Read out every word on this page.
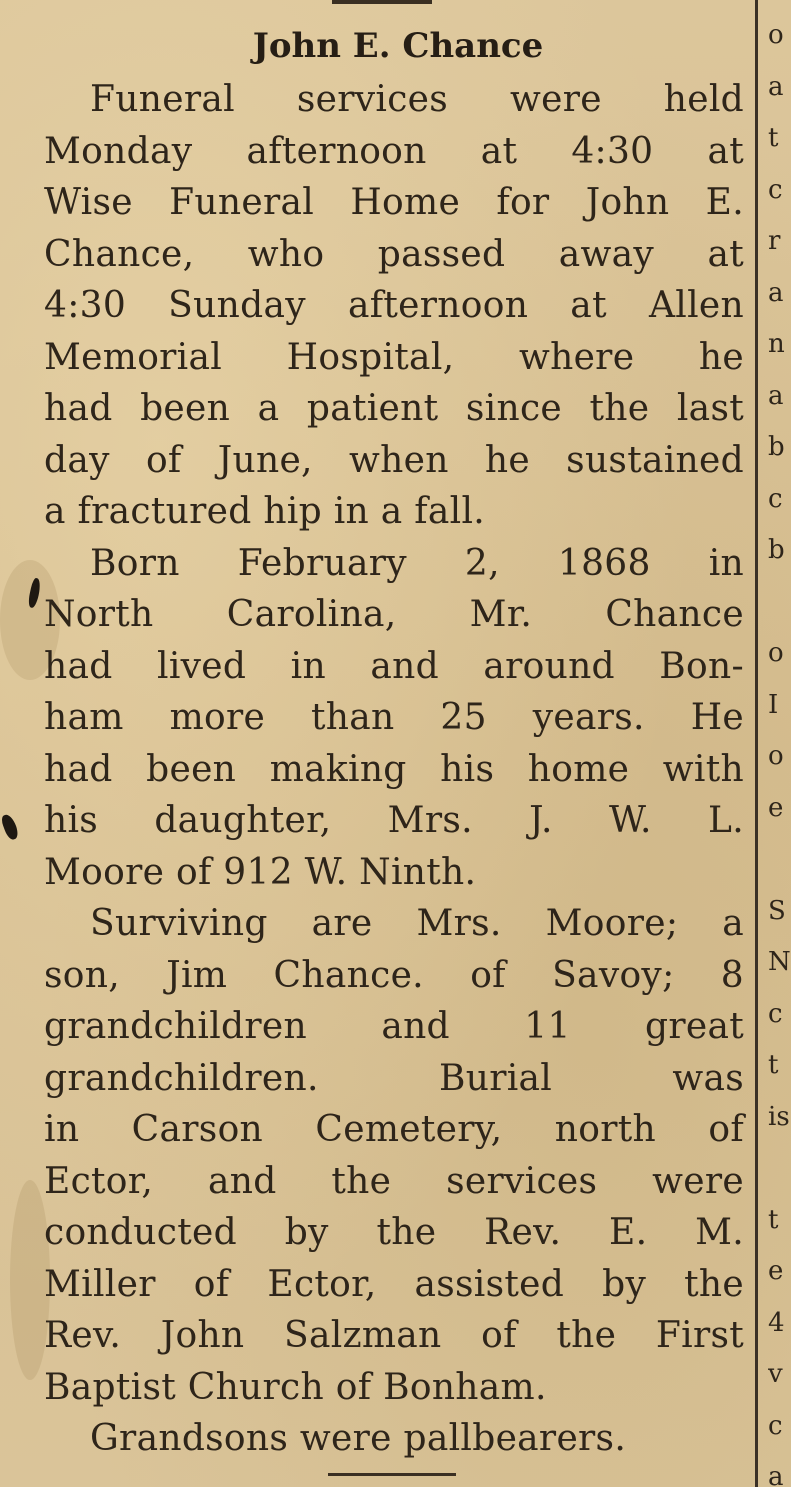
John E. Chance
Funeral services were held
Monday afternoon at 4:30 at
Wise Funeral Home for John E.
Chance, who passed away at
4:30 Sunday afternoon at Allen
Memorial Hospital, where he
had been a patient since the last
day of June, when he sustained
a fractured hip in a fall.
Born February 2, 1868 in
North Carolina, Mr. Chance
had lived in and around Bon-
ham more than 25 years. He
had been making his home with
his daughter, Mrs. J. W. L.
Moore of 912 W. Ninth.
Surviving are Mrs. Moore; a
son, Jim Chance. of Savoy; 8
grandchildren and 11 great
grandchildren. Burial was
in Carson Cemetery, north of
Ector, and the services were
conducted by the Rev. E. M.
Miller of Ector, assisted by the
Rev. John Salzman of the First
Baptist Church of Bonham.
Grandsons were pallbearers.
o
a
t
c
r
a
n
a
b
c
b
o
I
o
e
S
N
c
t
is
t
e
4
v
c
a
